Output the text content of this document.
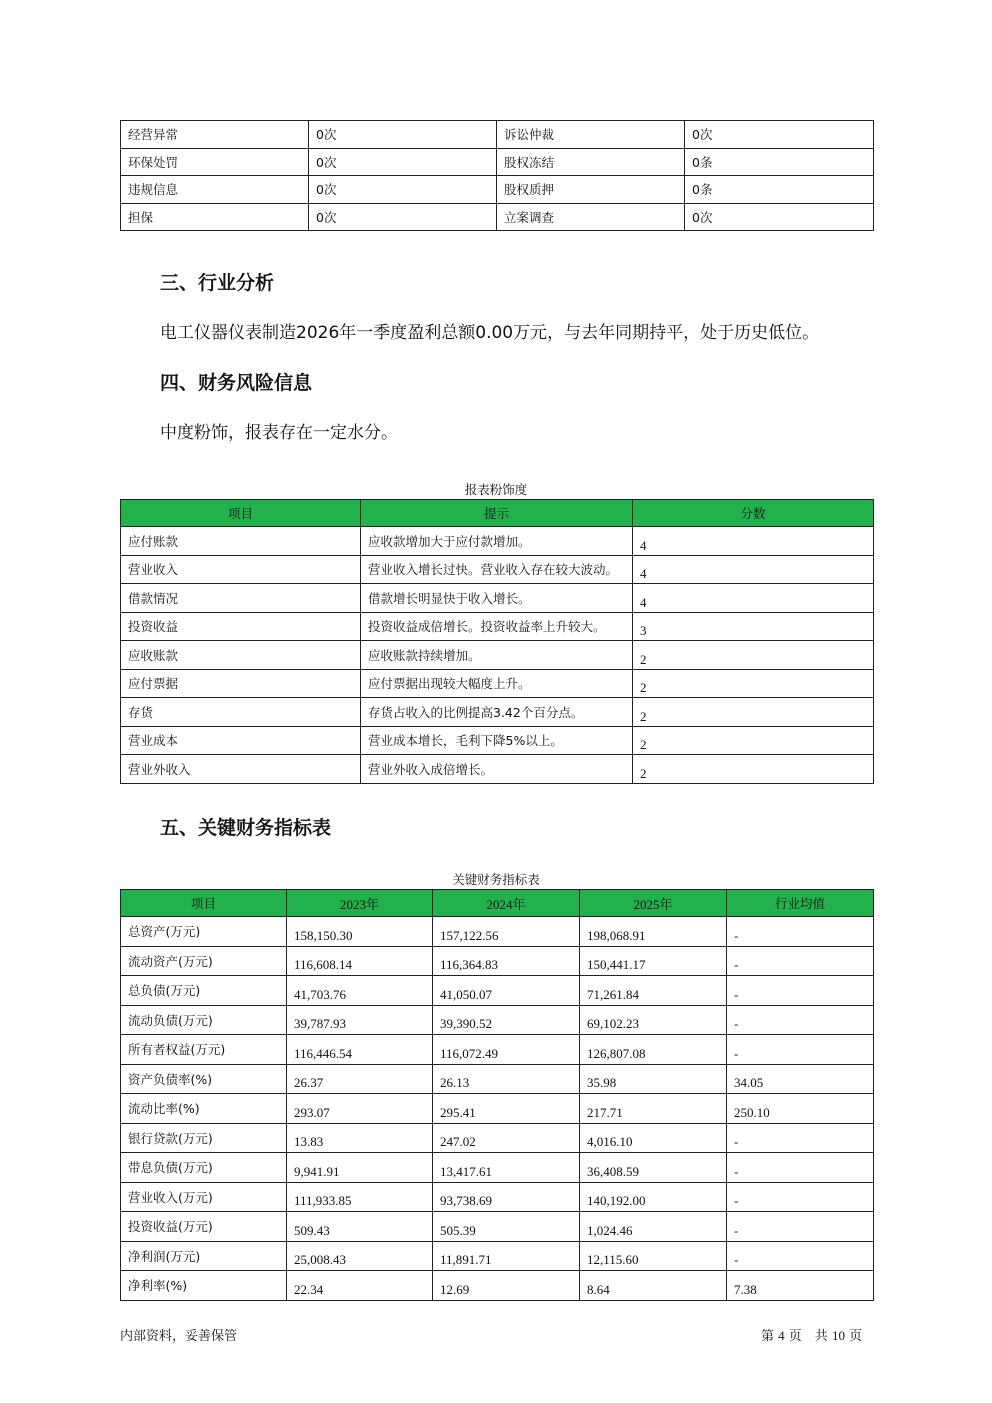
经营异常	0次	诉讼仲裁	0次
环保处罚	0次	股权冻结	0条
违规信息	0次	股权质押	0条
担保	0次	立案调查	0次
三、行业分析
电工仪器仪表制造2026年一季度盈利总额0.00万元，与去年同期持平，处于历史低位。
四、财务风险信息
中度粉饰，报表存在一定水分。
报表粉饰度
项目	提示	分数
应付账款	应收款增加大于应付款增加。	4
营业收入	营业收入增长过快。营业收入存在较大波动。	4
借款情况	借款增长明显快于收入增长。	4
投资收益	投资收益成倍增长。投资收益率上升较大。	3
应收账款	应收账款持续增加。	2
应付票据	应付票据出现较大幅度上升。	2
存货	存货占收入的比例提高3.42个百分点。	2
营业成本	营业成本增长，毛利下降5%以上。	2
营业外收入	营业外收入成倍增长。	2
五、关键财务指标表
关键财务指标表
项目	2023年	2024年	2025年	行业均值
总资产(万元)	158,150.30	157,122.56	198,068.91	-
流动资产(万元)	116,608.14	116,364.83	150,441.17	-
总负债(万元)	41,703.76	41,050.07	71,261.84	-
流动负债(万元)	39,787.93	39,390.52	69,102.23	-
所有者权益(万元)	116,446.54	116,072.49	126,807.08	-
资产负债率(%)	26.37	26.13	35.98	34.05
流动比率(%)	293.07	295.41	217.71	250.10
银行贷款(万元)	13.83	247.02	4,016.10	-
带息负债(万元)	9,941.91	13,417.61	36,408.59	-
营业收入(万元)	111,933.85	93,738.69	140,192.00	-
投资收益(万元)	509.43	505.39	1,024.46	-
净利润(万元)	25,008.43	11,891.71	12,115.60	-
净利率(%)	22.34	12.69	8.64	7.38
内部资料，妥善保管	第 4 页　共 10 页
